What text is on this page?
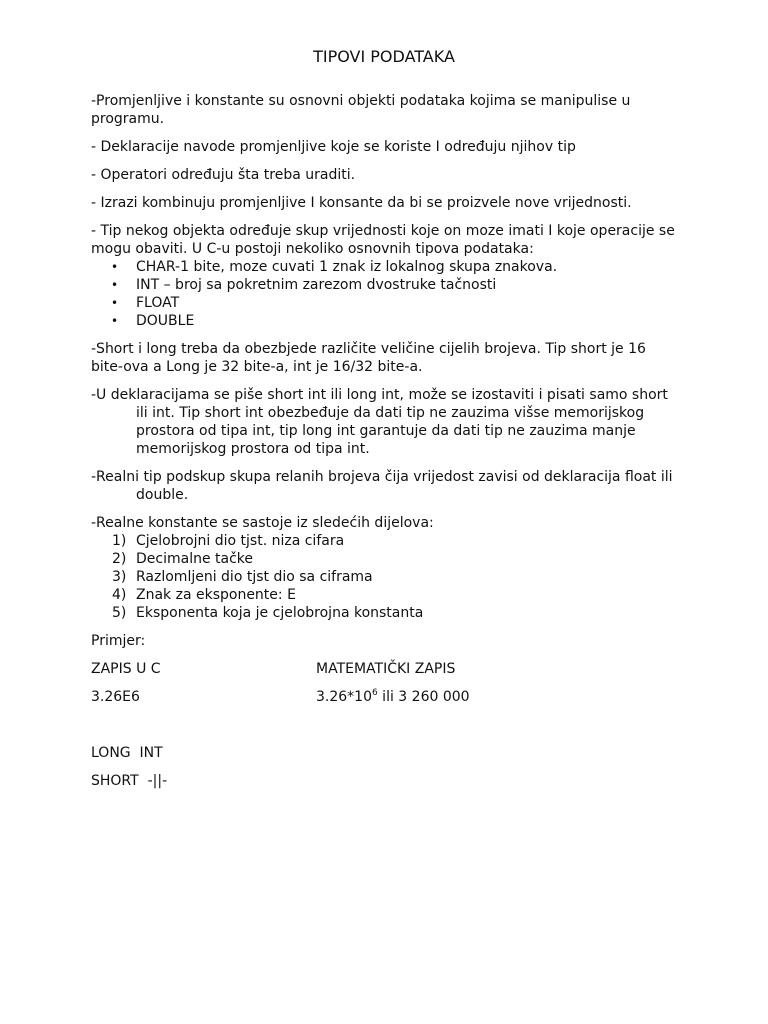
TIPOVI PODATAKA

-Promjenljive i konstante su osnovni objekti podataka kojima se manipulise u programu.

- Deklaracije navode promjenljive koje se koriste I određuju njihov tip

- Operatori određuju šta treba uraditi.

- Izrazi kombinuju promjenljive I konsante da bi se proizvele nove vrijednosti.

- Tip nekog objekta određuje skup vrijednosti koje on moze imati I koje operacije se mogu obaviti. U C-u postoji nekoliko osnovnih tipova podataka:

• CHAR-1 bite, moze cuvati 1 znak iz lokalnog skupa znakova.
• INT – broj sa pokretnim zarezom dvostruke tačnosti
• FLOAT
• DOUBLE

-Short i long treba da obezbjede različite veličine cijelih brojeva. Tip short je 16 bite-ova a Long je 32 bite-a, int je 16/32 bite-a.

-U deklaracijama se piše short int ili long int, može se izostaviti i pisati samo short ili int. Tip short int obezbeđuje da dati tip ne zauzima višse memorijskog prostora od tipa int, tip long int garantuje da dati tip ne zauzima manje memorijskog prostora od tipa int.

-Realni tip podskup skupa relanih brojeva čija vrijedost zavisi od deklaracija float ili double.

-Realne konstante se sastoje iz sledećih dijelova:

1) Cjelobrojni dio tjst. niza cifara
2) Decimalne tačke
3) Razlomljeni dio tjst dio sa ciframa
4) Znak za eksponente: E
5) Eksponenta koja je cjelobrojna konstanta

Primjer:

ZAPIS U C	MATEMATIČKI ZAPIS
3.26E6	$3.26*10^6$ ili 3 260 000

LONG  INT

SHORT  -||-
